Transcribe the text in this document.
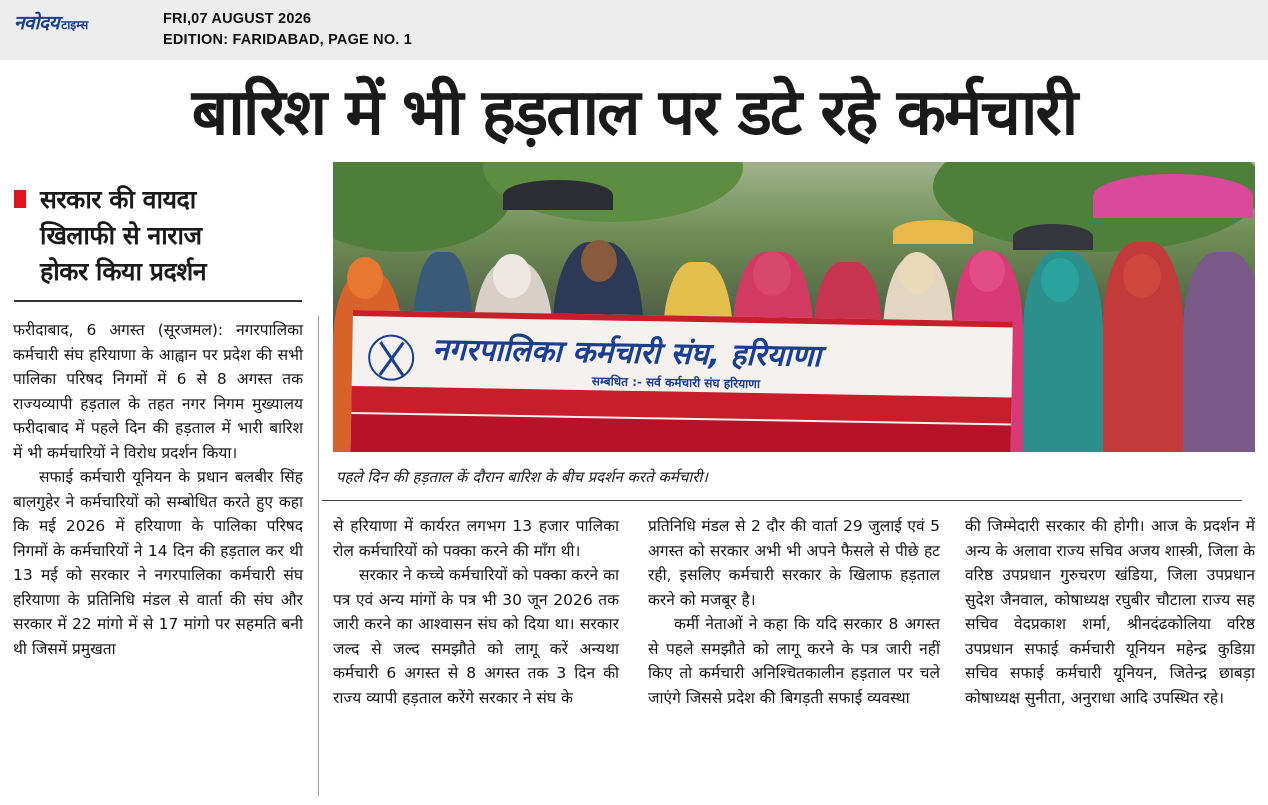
नवोदय टाइम्स	FRI,07 AUGUST 2026
EDITION: FARIDABAD, PAGE NO. 1
बारिश में भी हड़ताल पर डटे रहे कर्मचारी
सरकार की वायदा
खिलाफी से नाराज
होकर किया प्रदर्शन
नगरपालिका कर्मचारी संघ, हरियाणा
सम्बधित :- सर्व कर्मचारी संघ हरियाणा
पहले दिन की हड़ताल कें दौरान बारिश के बीच प्रदर्शन करते कर्मचारी।

फरीदाबाद, 6 अगस्त (सूरजमल): नगरपालिका कर्मचारी संघ हरियाणा के आह्वान पर प्रदेश की सभी पालिका परिषद निगमों में 6 से 8 अगस्त तक राज्यव्यापी हड़ताल के तहत नगर निगम मुख्यालय फरीदाबाद में पहले दिन की हड़ताल में भारी बारिश में भी कर्मचारियों ने विरोध प्रदर्शन किया।

सफाई कर्मचारी यूनियन के प्रधान बलबीर सिंह बालगुहेर ने कर्मचारियों को सम्बोधित करते हुए कहा कि मई 2026 में हरियाणा के पालिका परिषद निगमों के कर्मचारियों ने 14 दिन की हड़ताल कर थी 13 मई को सरकार ने नगरपालिका कर्मचारी संघ हरियाणा के प्रतिनिधि मंडल से वार्ता की संघ और सरकार में 22 मांगो में से 17 मांगो पर सहमति बनी थी जिसमें प्रमुखता

से हरियाणा में कार्यरत लगभग 13 हजार पालिका रोल कर्मचारियों को पक्का करने की माँग थी।

सरकार ने कच्चे कर्मचारियों को पक्का करने का पत्र एवं अन्य मांगों के पत्र भी 30 जून 2026 तक जारी करने का आश्वासन संघ को दिया था। सरकार जल्द से जल्द समझौते को लागू करें अन्यथा कर्मचारी 6 अगस्त से 8 अगस्त तक 3 दिन की राज्य व्यापी हड़ताल करेंगे सरकार ने संघ के

प्रतिनिधि मंडल से 2 दौर की वार्ता 29 जुलाई एवं 5 अगस्त को सरकार अभी भी अपने फैसले से पीछे हट रही, इसलिए कर्मचारी सरकार के खिलाफ हड़ताल करने को मजबूर है।

कर्मी नेताओं ने कहा कि यदि सरकार 8 अगस्त से पहले समझौते को लागू करने के पत्र जारी नहीं किए तो कर्मचारी अनिश्चितकालीन हड़ताल पर चले जाएंगे जिससे प्रदेश की बिगड़ती सफाई व्यवस्था

की जिम्मेदारी सरकार की होगी। आज के प्रदर्शन में अन्य के अलावा राज्य सचिव अजय शास्त्री, जिला के वरिष्ठ उपप्रधान गुरुचरण खंडिया, जिला उपप्रधान सुदेश जैनवाल, कोषाध्यक्ष रघुबीर चौटाला राज्य सह सचिव वेदप्रकाश शर्मा, श्रीनदंढकोलिया वरिष्ठ उपप्रधान सफाई कर्मचारी यूनियन महेन्द्र कुडिय़ा सचिव सफाई कर्मचारी यूनियन, जितेन्द्र छाबड़ा कोषाध्यक्ष सुनीता, अनुराधा आदि उपस्थित रहे।
